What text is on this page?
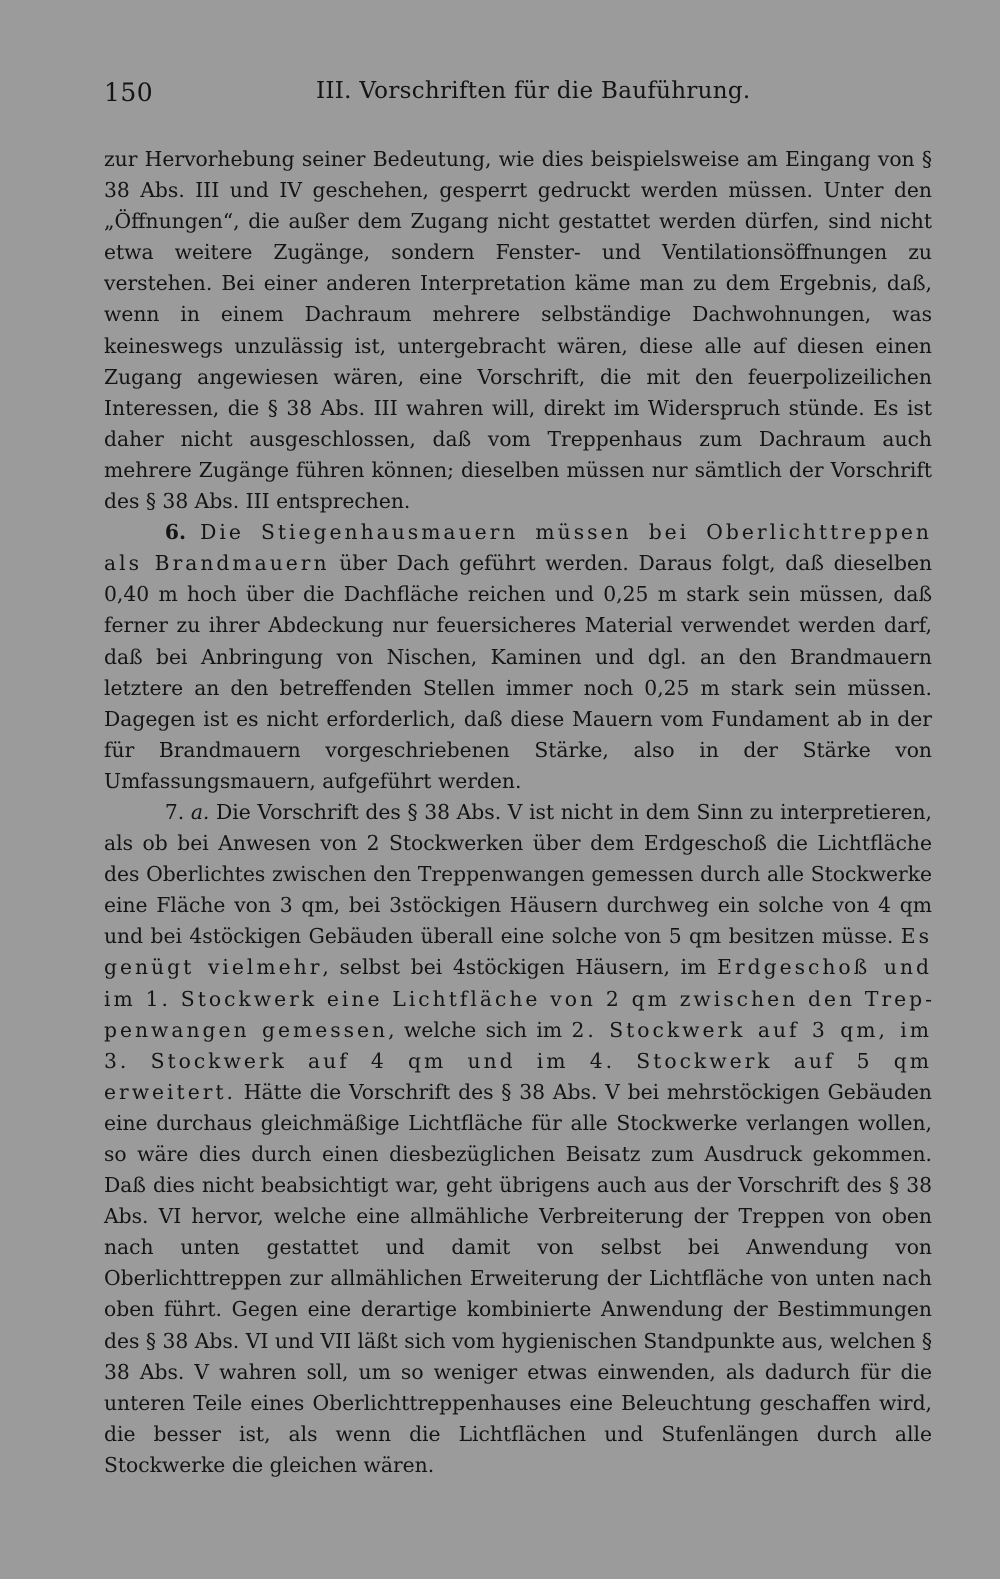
150	III. Vorschriften für die Bauführung.

zur Hervorhebung seiner Bedeutung, wie dies beispielsweise am Eingang von § 38 Abs. III und IV geschehen, gesperrt gedruckt werden müssen. Unter den „Öffnungen“, die außer dem Zugang nicht gestattet werden dürfen, sind nicht etwa weitere Zugänge, sondern Fenster- und Ventilationsöffnungen zu verstehen. Bei einer anderen Interpretation käme man zu dem Ergebnis, daß, wenn in einem Dachraum mehrere selbständige Dachwohnungen, was keineswegs unzulässig ist, untergebracht wären, diese alle auf diesen einen Zugang angewiesen wären, eine Vorschrift, die mit den feuerpolizeilichen Interessen, die § 38 Abs. III wahren will, direkt im Widerspruch stünde. Es ist daher nicht ausgeschlossen, daß vom Treppenhaus zum Dachraum auch mehrere Zugänge führen können; dieselben müssen nur sämtlich der Vorschrift des § 38 Abs. III entsprechen.

   6. Die Stiegenhausmauern müssen bei Oberlichttreppen als Brandmauern über Dach geführt werden. Daraus folgt, daß dieselben 0,40 m hoch über die Dachfläche reichen und 0,25 m stark sein müssen, daß ferner zu ihrer Abdeckung nur feuersicheres Material verwendet werden darf, daß bei Anbringung von Nischen, Kaminen und dgl. an den Brandmauern letztere an den betreffenden Stellen immer noch 0,25 m stark sein müssen. Dagegen ist es nicht erforderlich, daß diese Mauern vom Fundament ab in der für Brandmauern vorgeschriebenen Stärke, also in der Stärke von Umfassungsmauern, aufgeführt werden.

   7. a. Die Vorschrift des § 38 Abs. V ist nicht in dem Sinn zu interpretieren, als ob bei Anwesen von 2 Stockwerken über dem Erdgeschoß die Lichtfläche des Oberlichtes zwischen den Treppenwangen gemessen durch alle Stockwerke eine Fläche von 3 qm, bei 3stöckigen Häusern durchweg ein solche von 4 qm und bei 4stöckigen Gebäuden überall eine solche von 5 qm besitzen müsse. Es genügt vielmehr, selbst bei 4stöckigen Häusern, im Erdgeschoß und im 1. Stockwerk eine Lichtfläche von 2 qm zwischen den Treppenwangen gemessen, welche sich im 2. Stockwerk auf 3 qm, im 3. Stockwerk auf 4 qm und im 4. Stockwerk auf 5 qm erweitert. Hätte die Vorschrift des § 38 Abs. V bei mehrstöckigen Gebäuden eine durchaus gleichmäßige Lichtfläche für alle Stockwerke verlangen wollen, so wäre dies durch einen diesbezüglichen Beisatz zum Ausdruck gekommen. Daß dies nicht beabsichtigt war, geht übrigens auch aus der Vorschrift des § 38 Abs. VI hervor, welche eine allmähliche Verbreiterung der Treppen von oben nach unten gestattet und damit von selbst bei Anwendung von Oberlichttreppen zur allmählichen Erweiterung der Lichtfläche von unten nach oben führt. Gegen eine derartige kombinierte Anwendung der Bestimmungen des § 38 Abs. VI und VII läßt sich vom hygienischen Standpunkte aus, welchen § 38 Abs. V wahren soll, um so weniger etwas einwenden, als dadurch für die unteren Teile eines Oberlichttreppenhauses eine Beleuchtung geschaffen wird, die besser ist, als wenn die Lichtflächen und Stufenlängen durch alle Stockwerke die gleichen wären.
